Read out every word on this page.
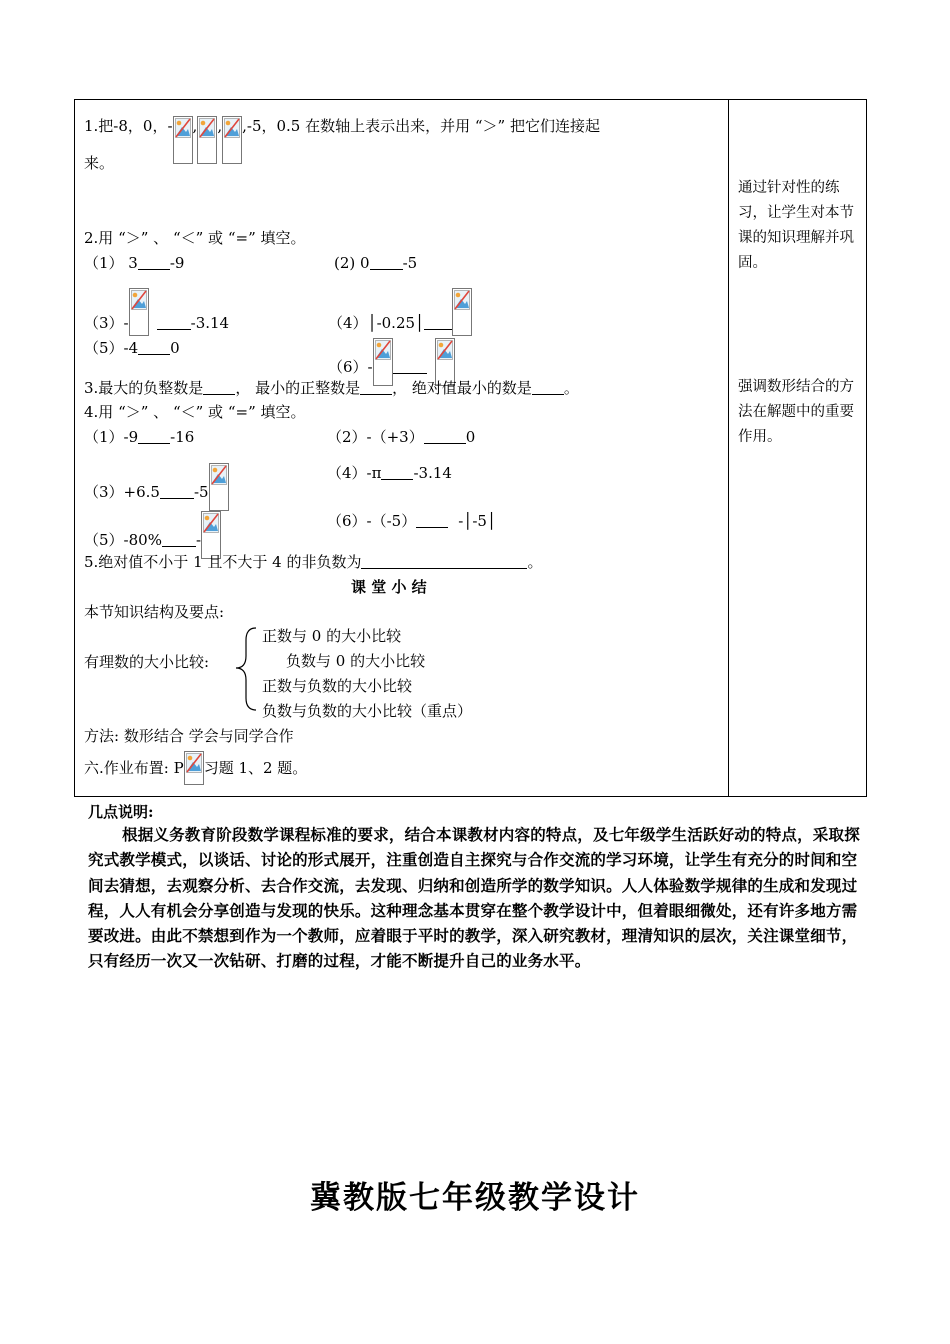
1.把-8，0，- , , ,-5，0.5 在数轴上表示出来，并用 “＞” 把它们连接起
来。
2.用 “＞” 、 “＜” 或 “=” 填空。
（1） 3 -9	(2) 0 -5
（3）-	-3.14	（4）│-0.25│
（5）-4 0
（6）-
3.最大的负整数是 ， 最小的正整数是 ， 绝对值最小的数是 。
4.用 “＞” 、 “＜” 或 “=” 填空。
（1）-9 -16	（2）-（+3）	0
（3）+6.5 -5
（4）-π -3.14
（5）-80% -
（6）-（-5）	-│-5│
5.绝对值不小于 1 且不大于 4 的非负数为	。
课 堂 小 结
本节知识结构及要点:
有理数的大小比较:
正数与 0 的大小比较
负数与 0 的大小比较
正数与负数的大小比较
负数与负数的大小比较（重点）
方法: 数形结合 学会与同学合作
六.作业布置: P 习题 1、2 题。
通过针对性的练习，让学生对本节课的知识理解并巩固。
强调数形结合的方法在解题中的重要作用。
几点说明:
根据义务教育阶段数学课程标准的要求，结合本课教材内容的特点，及七年级学生活跃好动的特点，采取探究式教学模式，以谈话、讨论的形式展开，注重创造自主探究与合作交流的学习环境，让学生有充分的时间和空间去猜想，去观察分析、去合作交流，去发现、归纳和创造所学的数学知识。人人体验数学规律的生成和发现过程，人人有机会分享创造与发现的快乐。这种理念基本贯穿在整个教学设计中，但着眼细微处，还有许多地方需要改进。由此不禁想到作为一个教师，应着眼于平时的教学，深入研究教材，理清知识的层次，关注课堂细节，只有经历一次又一次钻研、打磨的过程，才能不断提升自己的业务水平。
冀教版七年级教学设计
